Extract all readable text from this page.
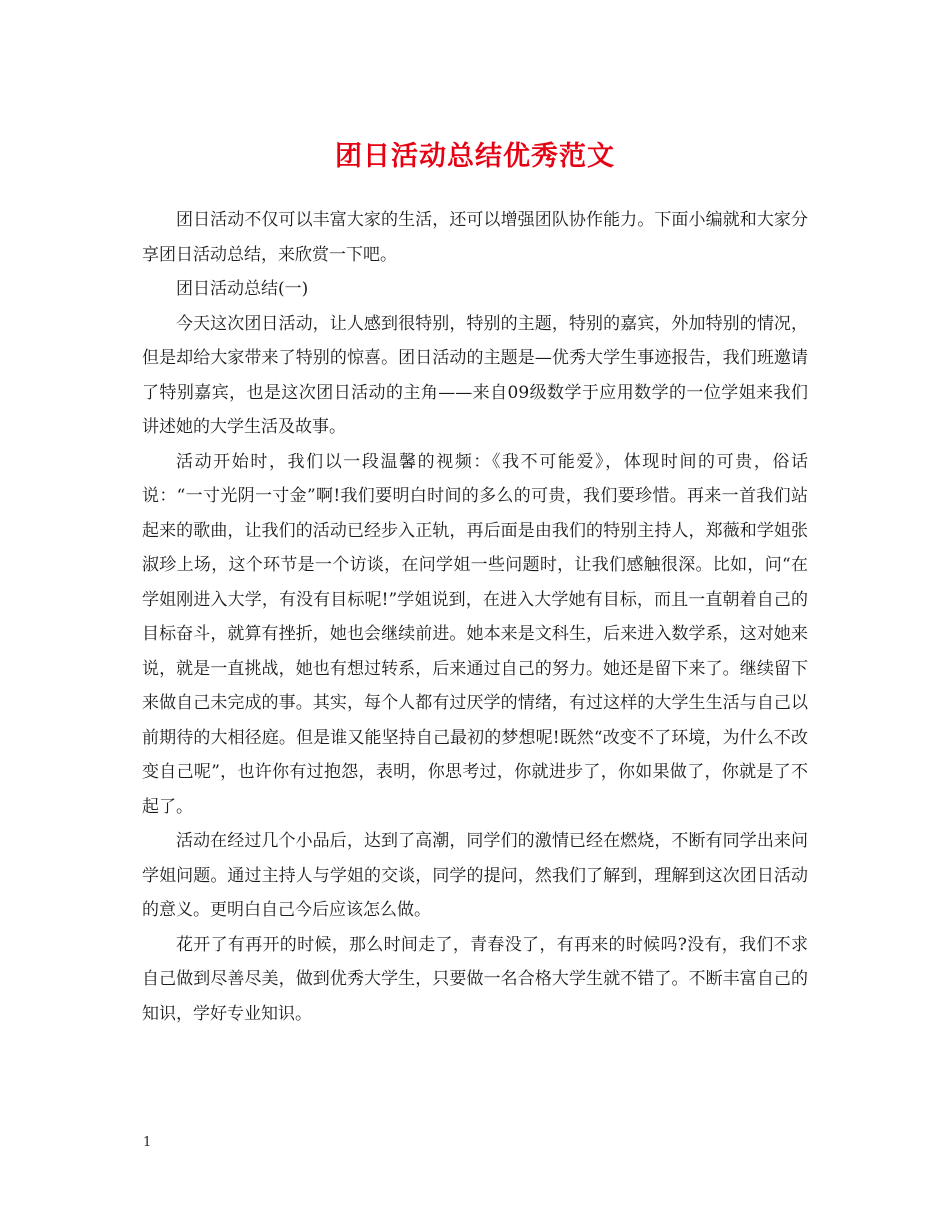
团日活动总结优秀范文

团日活动不仅可以丰富大家的生活，还可以增强团队协作能力。下面小编就和大家分享团日活动总结，来欣赏一下吧。

团日活动总结(一)

今天这次团日活动，让人感到很特别，特别的主题，特别的嘉宾，外加特别的情况，但是却给大家带来了特别的惊喜。团日活动的主题是—优秀大学生事迹报告，我们班邀请了特别嘉宾，也是这次团日活动的主角——来自09级数学于应用数学的一位学姐来我们讲述她的大学生活及故事。

活动开始时，我们以一段温馨的视频：《我不可能爱》，体现时间的可贵，俗话说：“一寸光阴一寸金”啊!我们要明白时间的多么的可贵，我们要珍惜。再来一首我们站起来的歌曲，让我们的活动已经步入正轨，再后面是由我们的特别主持人，郑薇和学姐张淑珍上场，这个环节是一个访谈，在问学姐一些问题时，让我们感触很深。比如，问“在学姐刚进入大学，有没有目标呢!”学姐说到，在进入大学她有目标，而且一直朝着自己的目标奋斗，就算有挫折，她也会继续前进。她本来是文科生，后来进入数学系，这对她来说，就是一直挑战，她也有想过转系，后来通过自己的努力。她还是留下来了。继续留下来做自己未完成的事。其实，每个人都有过厌学的情绪，有过这样的大学生生活与自己以前期待的大相径庭。但是谁又能坚持自己最初的梦想呢!既然“改变不了环境，为什么不改变自己呢”，也许你有过抱怨，表明，你思考过，你就进步了，你如果做了，你就是了不起了。

活动在经过几个小品后，达到了高潮，同学们的激情已经在燃烧，不断有同学出来问学姐问题。通过主持人与学姐的交谈，同学的提问，然我们了解到，理解到这次团日活动的意义。更明白自己今后应该怎么做。

花开了有再开的时候，那么时间走了，青春没了，有再来的时候吗?没有，我们不求自己做到尽善尽美，做到优秀大学生，只要做一名合格大学生就不错了。不断丰富自己的知识，学好专业知识。

1
